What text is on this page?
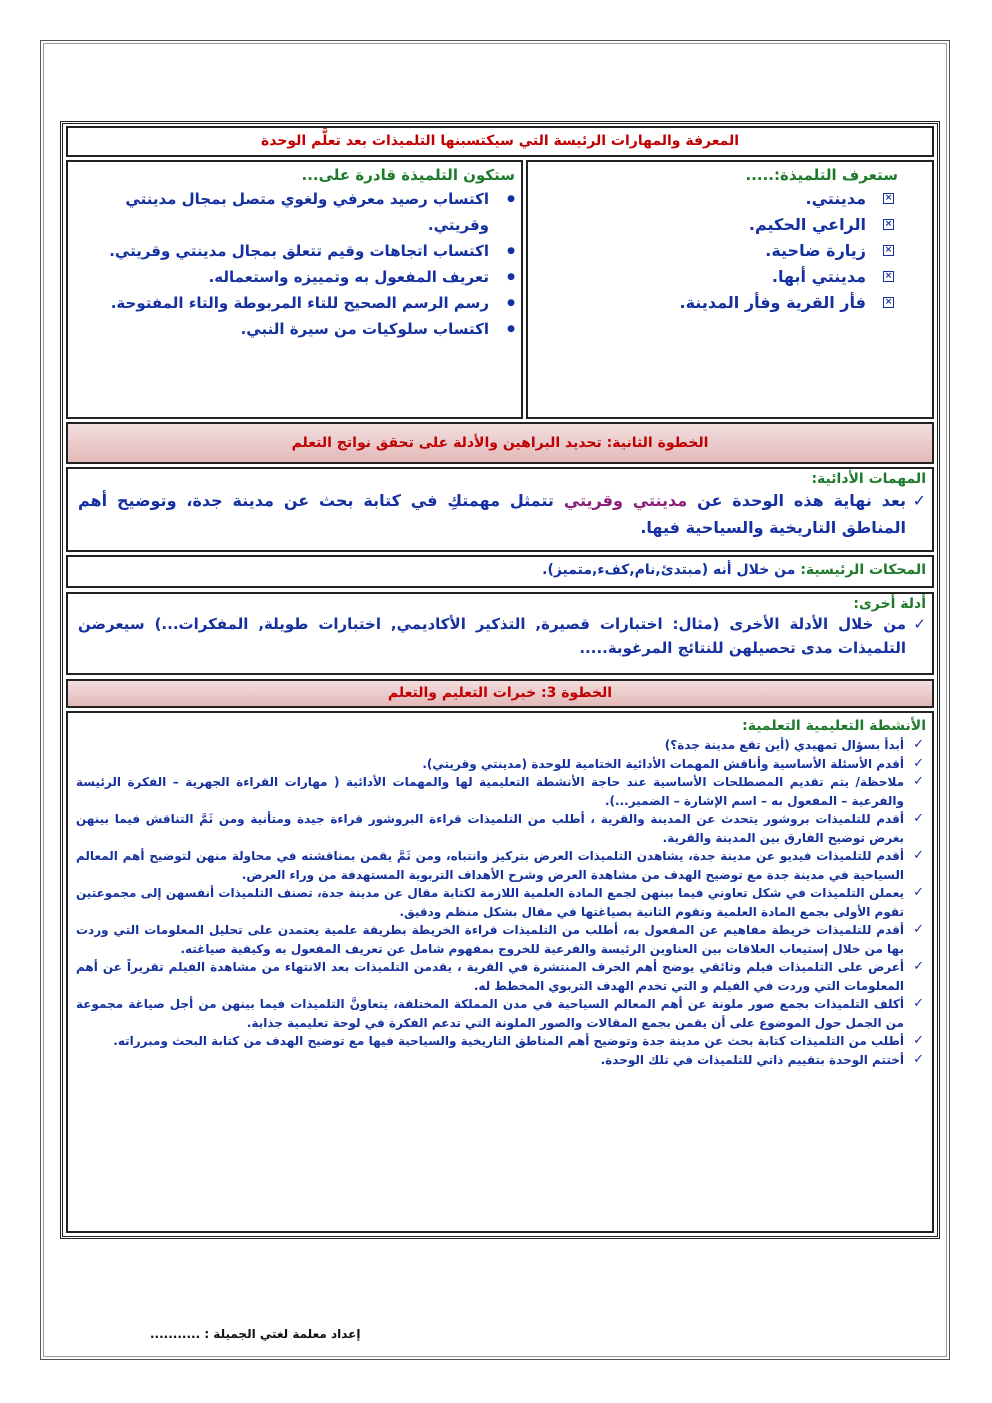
المعرفة والمهارات الرئيسة التي سيكتسبنها التلميذات بعد تعلَّم الوحدة
ستعرف التلميذة:.....
×
مدينتي.
×
الراعي الحكيم.
×
زيارة ضاحية.
×
مدينتي أبها.
×
فأر القرية وفأر المدينة.
ستكون التلميذة قادرة على...
● اكتساب رصيد معرفي ولغوي متصل بمجال مدينتي وقريتي.
● اكتساب اتجاهات وقيم تتعلق بمجال مدينتي وقريتي.
● تعريف المفعول به وتمييزه واستعماله.
● رسم الرسم الصحيح للتاء المربوطة والتاء المفتوحة.
● اكتساب سلوكيات من سيرة النبي.
الخطوة الثانية: تحديد البراهين والأدلة على تحقق نواتج التعلم
المهمات الأدائية:
✓
بعد نهاية هذه الوحدة عن مدينتي وقريتي تتمثل مهمتكِ في كتابة بحث عن مدينة جدة، وتوضيح أهم المناطق التاريخية والسياحية فيها.
المحكات الرئيسية: من خلال أنه (مبتدئ,نام,كفء,متميز).
أدلة أخرى:
✓
من خلال الأدلة الأخرى (مثال: اختبارات قصيرة, التذكير الأكاديمي, اختبارات طويلة, المفكرات...) سيعرضن التلميذات مدى تحصيلهن للنتائج المرغوبة.....
الخطوة 3: خبرات التعليم والتعلم
الأنشطة التعليمية التعلمية:
✓
أبدأ بسؤال تمهيدي (أين تقع مدينة جدة؟)
✓
أقدم الأسئلة الأساسية وأناقش المهمات الأدائية الختامية للوحدة (مدينتي وقريتي).
✓
ملاحظة/ يتم تقديم المصطلحات الأساسية عند حاجة الأنشطة التعليمية لها والمهمات الأدائية ( مهارات القراءة الجهرية – الفكرة الرئيسة والفرعية – المفعول به – اسم الإشارة – الضمير...).
✓
أقدم للتلميذات بروشور يتحدث عن المدينة والقرية ، أطلب من التلميذات قراءة البروشور قراءة جيدة ومتأنية ومن ثَمَّ التناقش فيما بينهن بغرض توضيح الفارق بين المدينة والقرية.
✓
أقدم للتلميذات فيديو عن مدينة جدة، يشاهدن التلميذات العرض بتركيز وانتباه، ومن ثَمَّ يقمن بمناقشته في محاولة منهن لتوضيح أهم المعالم السياحية في مدينة جدة مع توضيح الهدف من مشاهدة العرض وشرح الأهداف التربوية المستهدفة من وراء العرض.
✓
يعملن التلميذات في شكل تعاوني فيما بينهن لجمع المادة العلمية اللازمة لكتابة مقال عن مدينة جدة، تصنف التلميذات أنفسهن إلى مجموعتين تقوم الأولى بجمع المادة العلمية وتقوم الثانية بصياغتها في مقال بشكل منظم ودقيق.
✓
أقدم للتلميذات خريطة مفاهيم عن المفعول به، أطلب من التلميذات قراءة الخريطة بطريقة علمية يعتمدن على تحليل المعلومات التي وردت بها من خلال إستيعاب العلاقات بين العناوين الرئيسة والفرعية للخروج بمفهوم شامل عن تعريف المفعول به وكيفية صياغته.
✓
أعرض على التلميذات فيلم وثائقي يوضح أهم الحرف المنتشرة في القرية ، يقدمن التلميذات بعد الانتهاء من مشاهدة الفيلم تقريراً عن أهم المعلومات التي وردت في الفيلم و التي تخدم الهدف التربوي المخطط له.
✓
أكلف التلميذات بجمع صور ملونة عن أهم المعالم السياحية في مدن المملكة المختلفة، يتعاونَّ التلميذات فيما بينهن من أجل صياغة مجموعة من الجمل حول الموضوع على أن يقمن بجمع المقالات والصور الملونة التي تدعم الفكرة في لوحة تعليمية جذابة.
✓
أطلب من التلميذات كتابة بحث عن مدينة جدة وتوضيح أهم المناطق التاريخية والسياحية فيها مع توضيح الهدف من كتابة البحث ومبرراته.
✓
أختتم الوحدة بتقييم ذاتي للتلميذات في تلك الوحدة.
إعداد معلمة لغتي الجميلة : ...........
